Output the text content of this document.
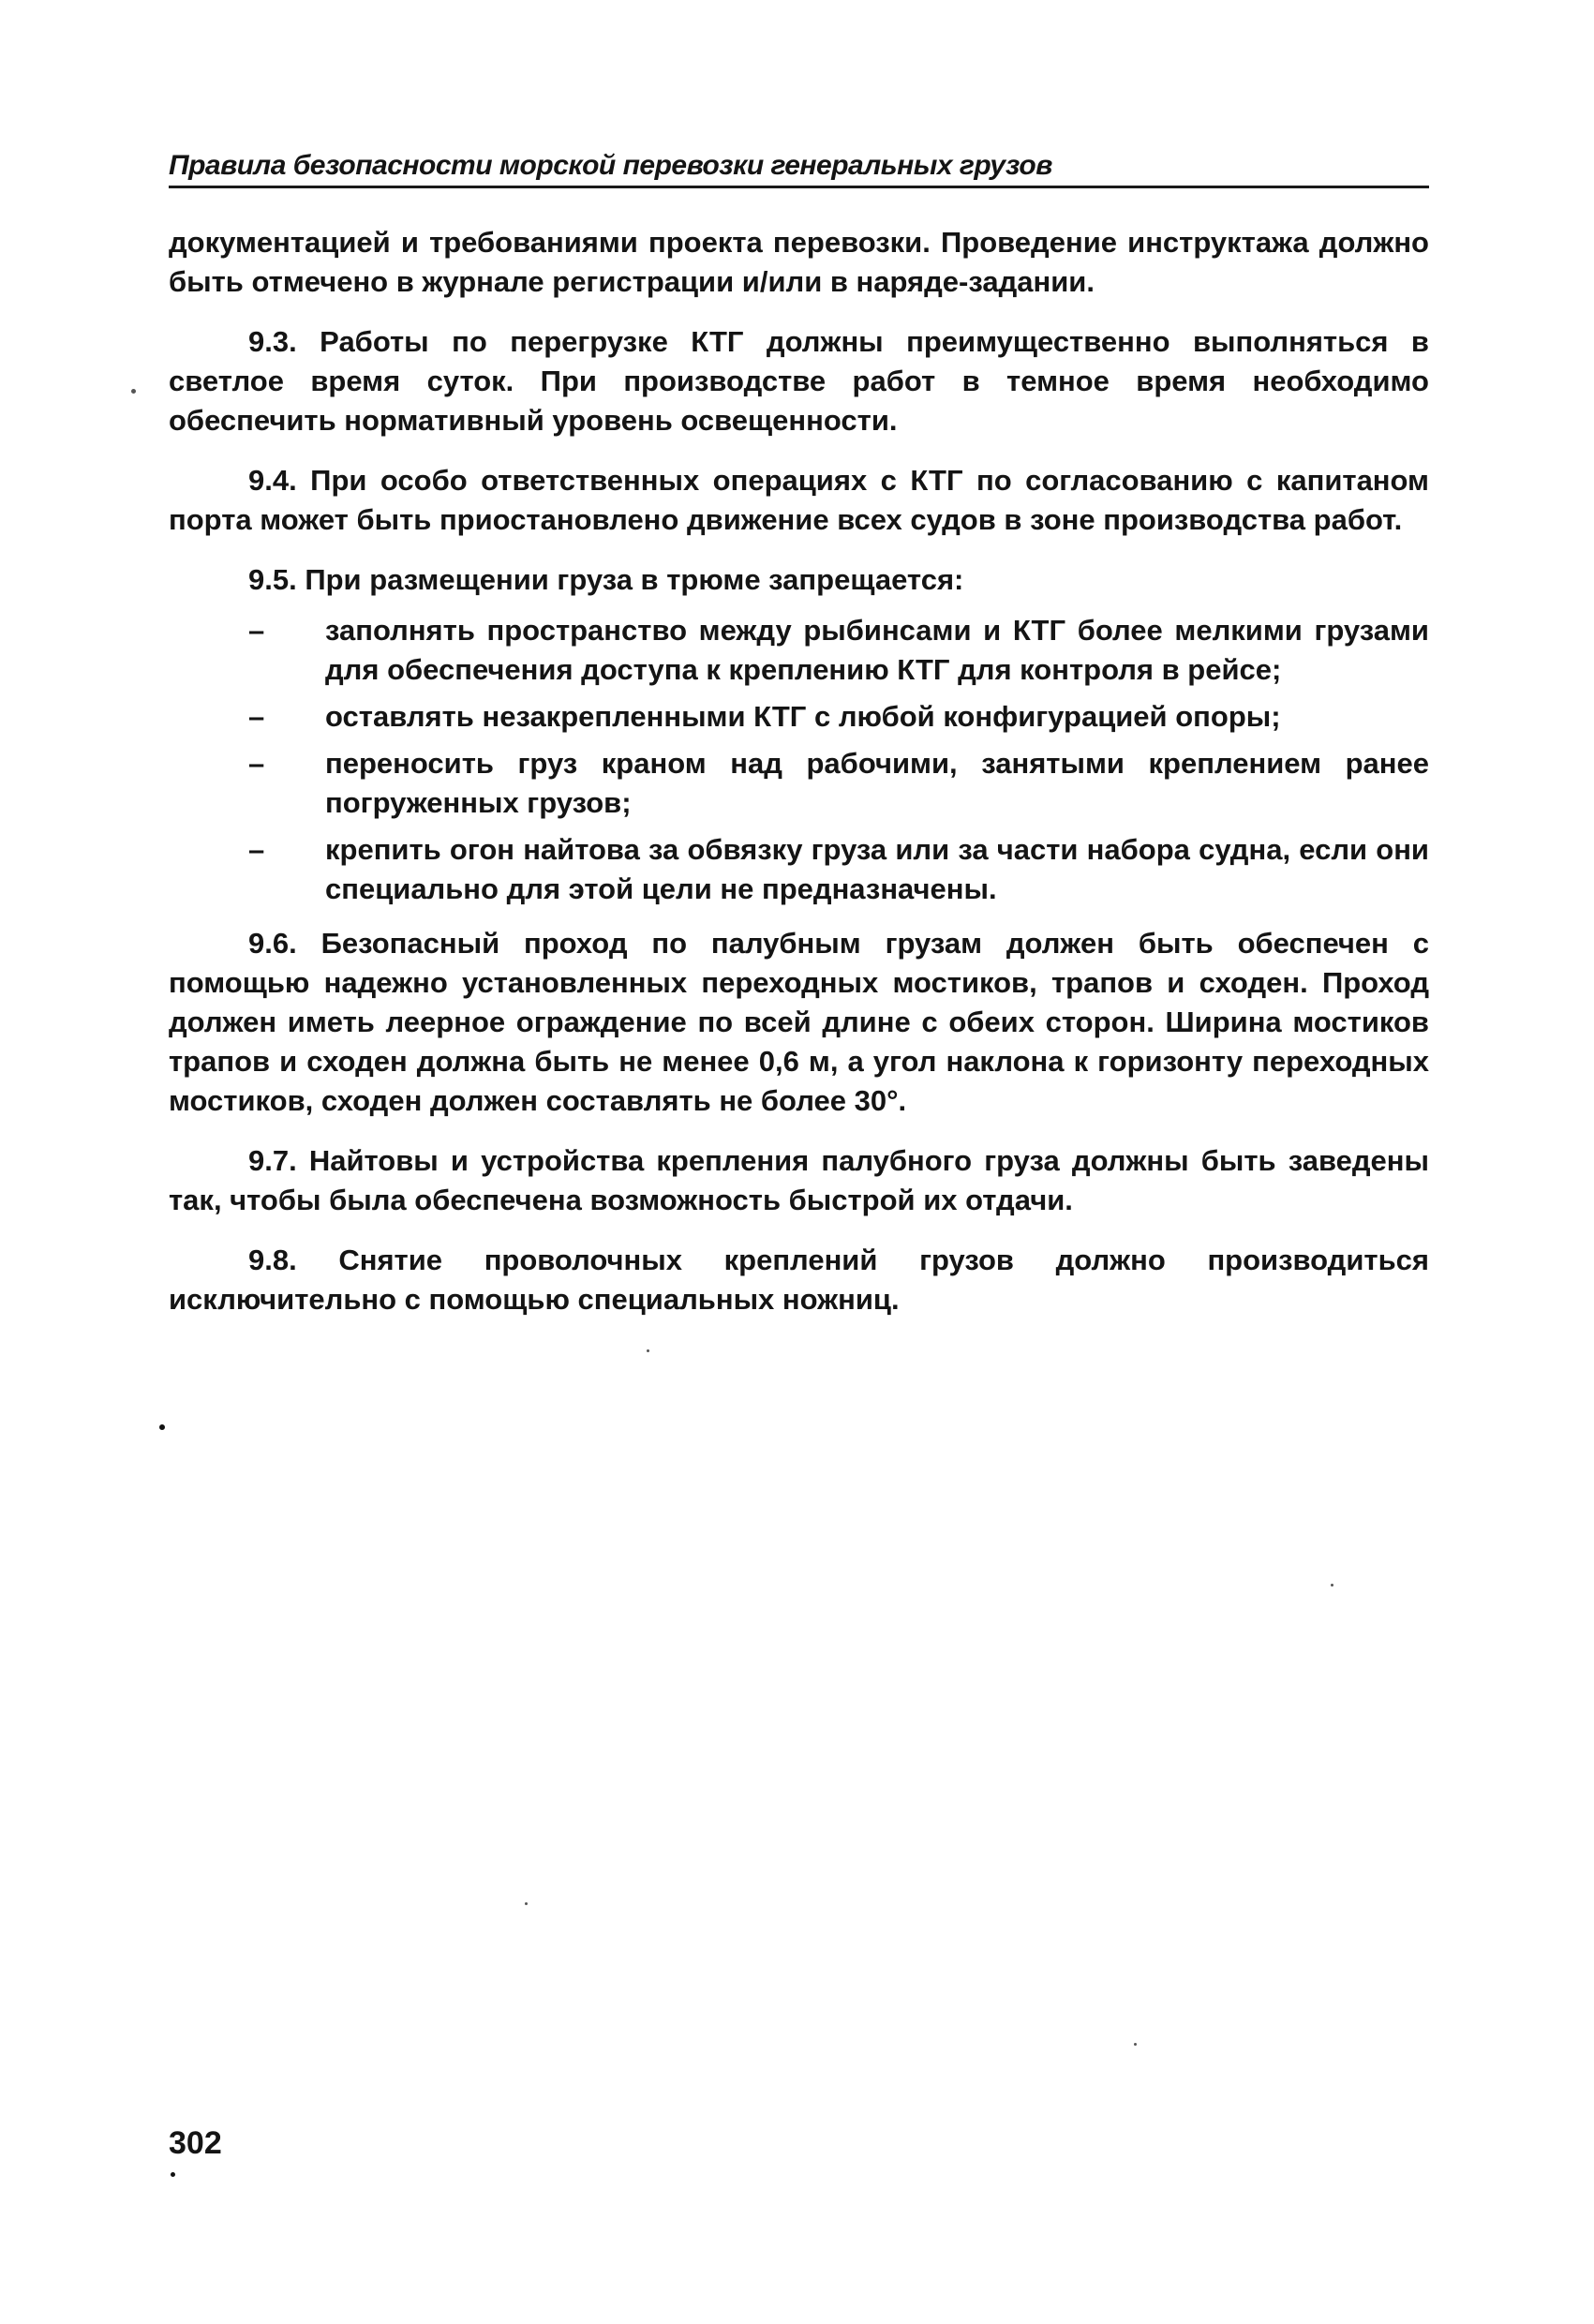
Правила безопасности морской перевозки генеральных грузов

документацией и требованиями проекта перевозки. Проведение инструктажа должно быть отмечено в журнале регистрации и/или в наряде-задании.

9.3. Работы по перегрузке КТГ должны преимущественно выполняться в светлое время суток. При производстве работ в темное время необходимо обеспечить нормативный уровень освещенности.

9.4. При особо ответственных операциях с КТГ по согласованию с капитаном порта может быть приостановлено движение всех судов в зоне производства работ.

9.5. При размещении груза в трюме запрещается:

– заполнять пространство между рыбинсами и КТГ более мелкими грузами для обеспечения доступа к креплению КТГ для контроля в рейсе;
– оставлять незакрепленными КТГ с любой конфигурацией опоры;
– переносить груз краном над рабочими, занятыми креплением ранее погруженных грузов;
– крепить огон найтова за обвязку груза или за части набора судна, если они специально для этой цели не предназначены.

9.6. Безопасный проход по палубным грузам должен быть обеспечен с помощью надежно установленных переходных мостиков, трапов и сходен. Проход должен иметь леерное ограждение по всей длине с обеих сторон. Ширина мостиков трапов и сходен должна быть не менее 0,6 м, а угол наклона к горизонту переходных мостиков, сходен должен составлять не более 30°.

9.7. Найтовы и устройства крепления палубного груза должны быть заведены так, чтобы была обеспечена возможность быстрой их отдачи.

9.8. Снятие проволочных креплений грузов должно производиться исключительно с помощью специальных ножниц.

302
